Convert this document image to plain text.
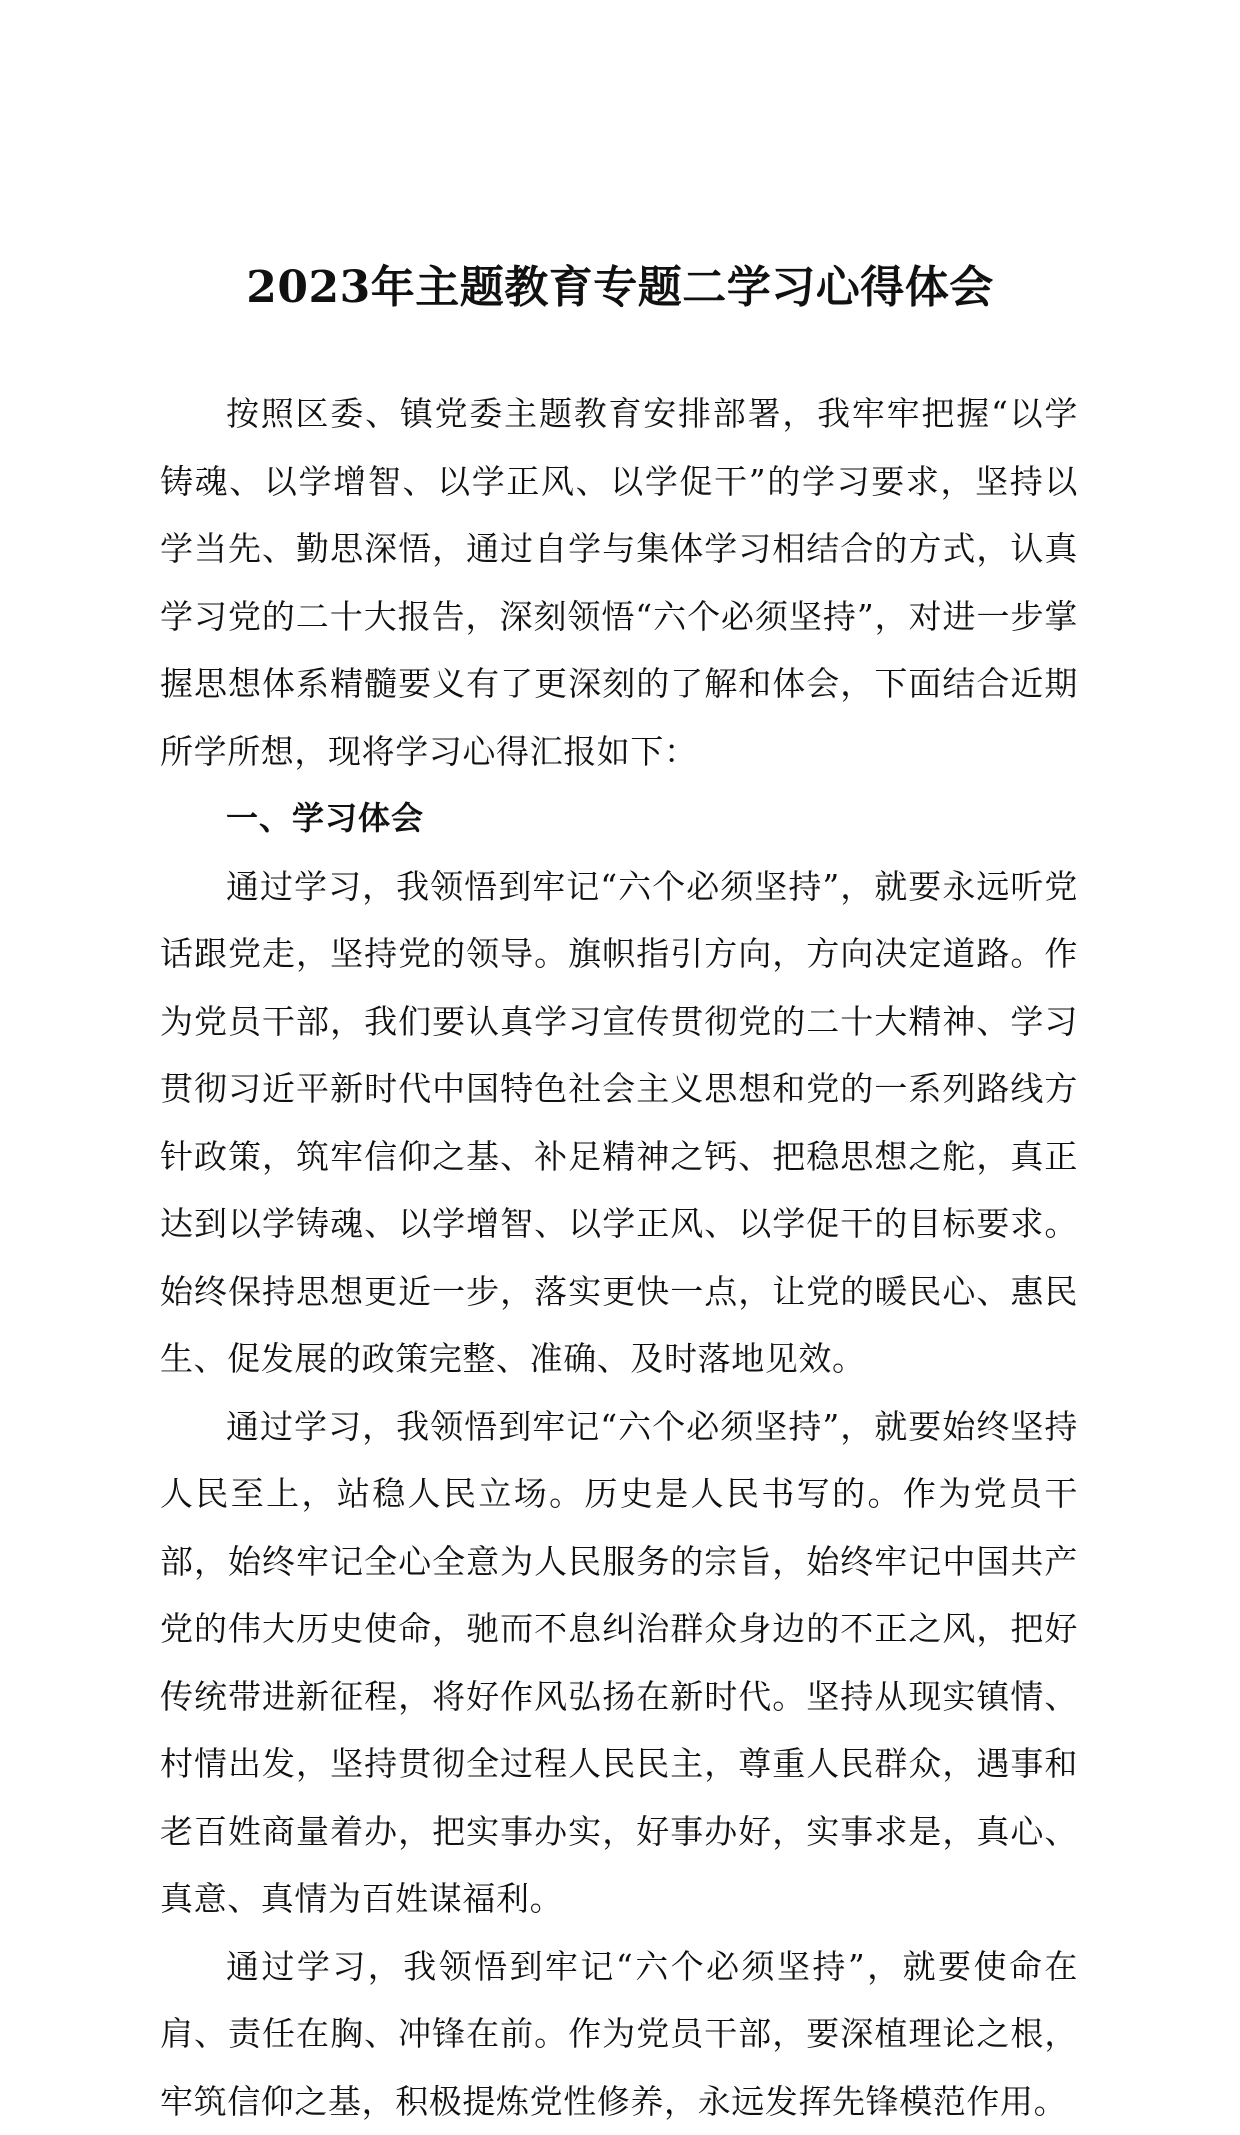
2023年主题教育专题二学习心得体会

按照区委、镇党委主题教育安排部署，我牢牢把握“以学铸魂、以学增智、以学正风、以学促干”的学习要求，坚持以学当先、勤思深悟，通过自学与集体学习相结合的方式，认真学习党的二十大报告，深刻领悟“六个必须坚持”，对进一步掌握思想体系精髓要义有了更深刻的了解和体会，下面结合近期所学所想，现将学习心得汇报如下：

一、学习体会

通过学习，我领悟到牢记“六个必须坚持”，就要永远听党话跟党走，坚持党的领导。旗帜指引方向，方向决定道路。作为党员干部，我们要认真学习宣传贯彻党的二十大精神、学习贯彻习近平新时代中国特色社会主义思想和党的一系列路线方针政策，筑牢信仰之基、补足精神之钙、把稳思想之舵，真正达到以学铸魂、以学增智、以学正风、以学促干的目标要求。始终保持思想更近一步，落实更快一点，让党的暖民心、惠民生、促发展的政策完整、准确、及时落地见效。

通过学习，我领悟到牢记“六个必须坚持”，就要始终坚持人民至上，站稳人民立场。历史是人民书写的。作为党员干部，始终牢记全心全意为人民服务的宗旨，始终牢记中国共产党的伟大历史使命，驰而不息纠治群众身边的不正之风，把好传统带进新征程，将好作风弘扬在新时代。坚持从现实镇情、村情出发，坚持贯彻全过程人民民主，尊重人民群众，遇事和老百姓商量着办，把实事办实，好事办好，实事求是，真心、真意、真情为百姓谋福利。

通过学习，我领悟到牢记“六个必须坚持”，就要使命在肩、责任在胸、冲锋在前。作为党员干部，要深植理论之根，牢筑信仰之基，积极提炼党性修养，永远发挥先锋模范作用。
